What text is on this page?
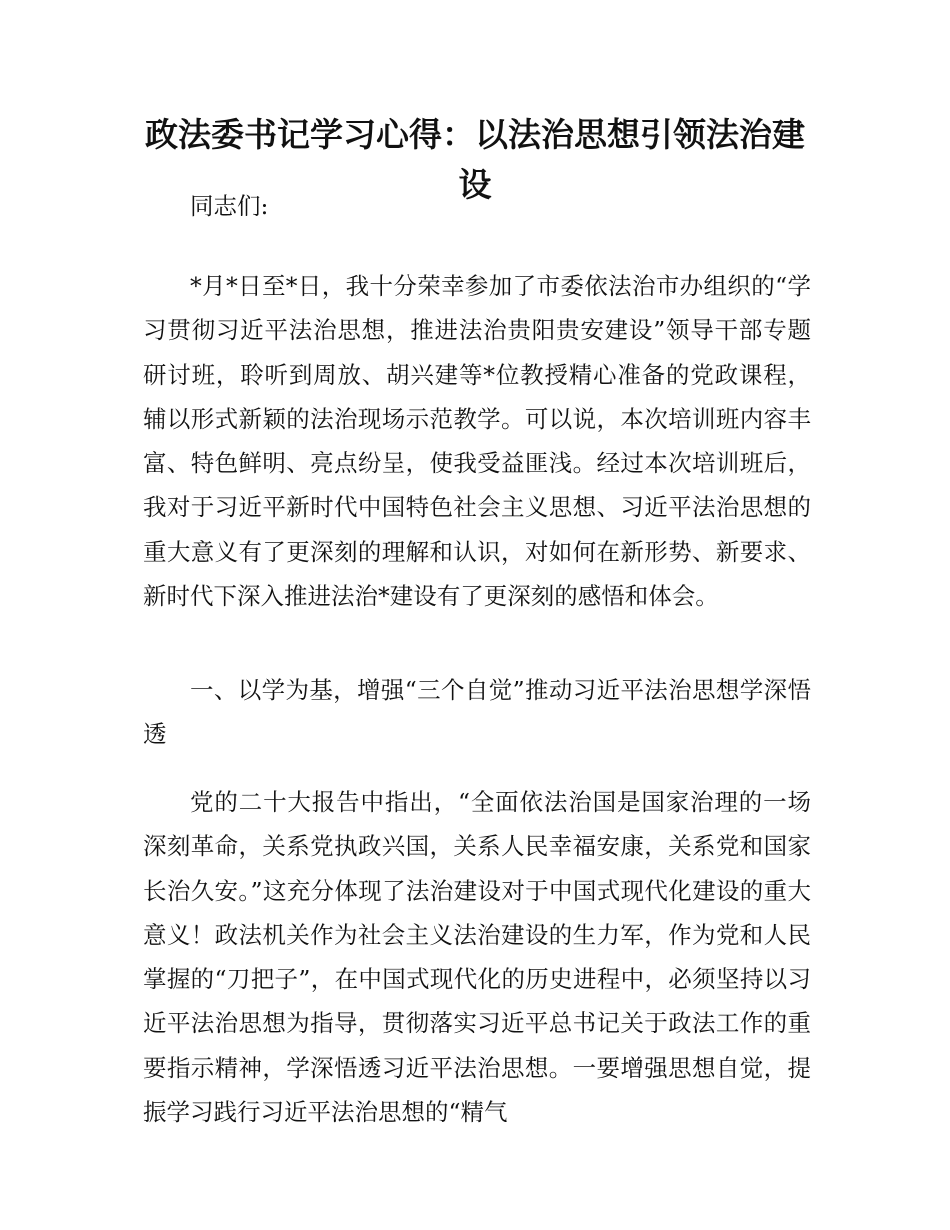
政法委书记学习心得：以法治思想引领法治建设

同志们:

*月*日至*日，我十分荣幸参加了市委依法治市办组织的“学习贯彻习近平法治思想，推进法治贵阳贵安建设”领导干部专题研讨班，聆听到周放、胡兴建等*位教授精心准备的党政课程，辅以形式新颖的法治现场示范教学。可以说，本次培训班内容丰富、特色鲜明、亮点纷呈，使我受益匪浅。经过本次培训班后，我对于习近平新时代中国特色社会主义思想、习近平法治思想的重大意义有了更深刻的理解和认识，对如何在新形势、新要求、新时代下深入推进法治*建设有了更深刻的感悟和体会。

一、以学为基，增强“三个自觉”推动习近平法治思想学深悟透

党的二十大报告中指出，“全面依法治国是国家治理的一场深刻革命，关系党执政兴国，关系人民幸福安康，关系党和国家长治久安。”这充分体现了法治建设对于中国式现代化建设的重大意义！政法机关作为社会主义法治建设的生力军，作为党和人民掌握的“刀把子”，在中国式现代化的历史进程中，必须坚持以习近平法治思想为指导，贯彻落实习近平总书记关于政法工作的重要指示精神，学深悟透习近平法治思想。一要增强思想自觉，提振学习践行习近平法治思想的“精气
